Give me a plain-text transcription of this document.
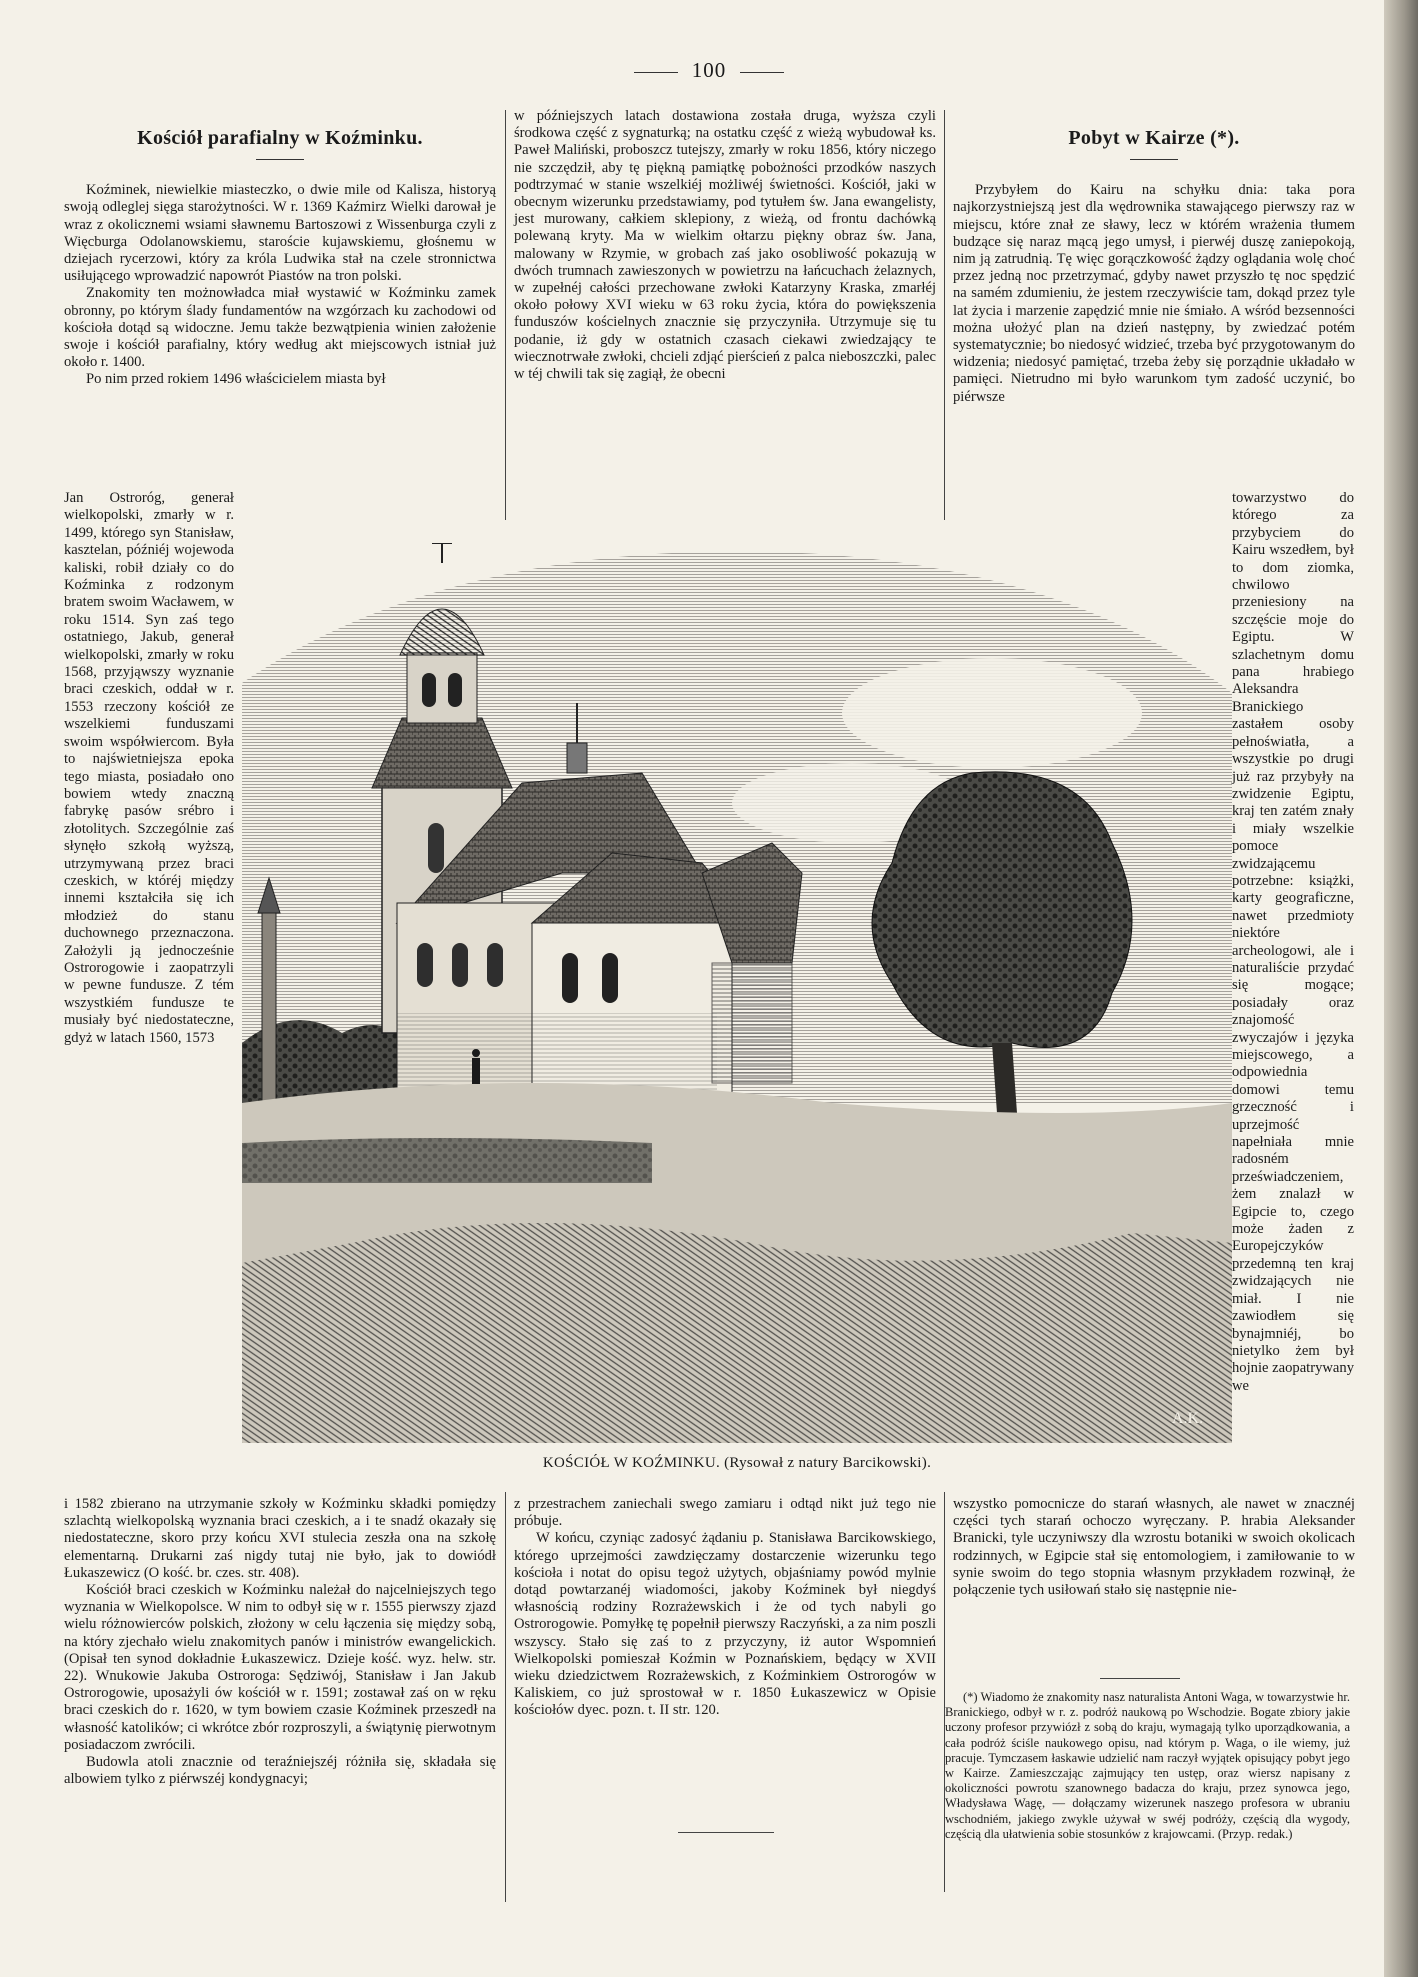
100
Kościół parafialny w Koźminku.

Koźminek, niewielkie miasteczko, o dwie mile od Kalisza, historyą swoją odleglej sięga starożytności. W r. 1369 Kaźmirz Wielki darował je wraz z okolicznemi wsiami sławnemu Bartoszowi z Wissenburga czyli z Więcburga Odolanowskiemu, staroście kujawskiemu, głośnemu w dziejach rycerzowi, który za króla Ludwika stał na czele stronnictwa usiłującego wprowadzić napowrót Piastów na tron polski.

Znakomity ten możnowładca miał wystawić w Koźminku zamek obronny, po którym ślady fundamentów na wzgórzach ku zachodowi od kościoła dotąd są widoczne. Jemu także bezwątpienia winien założenie swoje i kościół parafialny, który według akt miejscowych istniał już około r. 1400.

Po nim przed rokiem 1496 właścicielem miasta był

Jan Ostroróg, generał wielkopolski, zmarły w r. 1499, którego syn Stanisław, kasztelan, późniéj wojewoda kaliski, robił działy co do Koźminka z rodzonym bratem swoim Wacławem, w roku 1514. Syn zaś tego ostatniego, Jakub, generał wielkopolski, zmarły w roku 1568, przyjąwszy wyznanie braci czeskich, oddał w r. 1553 rzeczony kościół ze wszelkiemi funduszami swoim współwiercom. Była to najświetniejsza epoka tego miasta, posiadało ono bowiem wtedy znaczną fabrykę pasów srébro i złotolitych. Szczególnie zaś słynęło szkołą wyższą, utrzymywaną przez braci czeskich, w któréj między innemi kształciła się ich młodzież do stanu duchownego przeznaczona. Założyli ją jednocześnie Ostrorogowie i zaopatrzyli w pewne fundusze. Z tém wszystkiém fundusze te musiały być niedostateczne, gdyż w latach 1560, 1573

i 1582 zbierano na utrzymanie szkoły w Koźminku składki pomiędzy szlachtą wielkopolską wyznania braci czeskich, a i te snadź okazały się niedostateczne, skoro przy końcu XVI stulecia zeszła ona na szkołę elementarną. Drukarni zaś nigdy tutaj nie było, jak to dowiódł Łukaszewicz (O kość. br. czes. str. 408).

Kościół braci czeskich w Koźminku należał do najcelniejszych tego wyznania w Wielkopolsce. W nim to odbył się w r. 1555 pierwszy zjazd wielu różnowierców polskich, złożony w celu łączenia się między sobą, na który zjechało wielu znakomitych panów i ministrów ewangelickich. (Opisał ten synod dokładnie Łukaszewicz. Dzieje kość. wyz. helw. str. 22). Wnukowie Jakuba Ostroroga: Sędziwój, Stanisław i Jan Jakub Ostrorogowie, uposażyli ów kościół w r. 1591; zostawał zaś on w ręku braci czeskich do r. 1620, w tym bowiem czasie Koźminek przeszedł na własność katolików; ci wkrótce zbór rozproszyli, a świątynię pierwotnym posiadaczom zwrócili.

Budowla atoli znacznie od teraźniejszéj różniła się, składała się albowiem tylko z piérwszéj kondygnacyi;

w późniejszych latach dostawiona została druga, wyższa czyli środkowa część z sygnaturką; na ostatku część z wieżą wybudował ks. Paweł Maliński, proboszcz tutejszy, zmarły w roku 1856, który niczego nie szczędził, aby tę piękną pamiątkę pobożności przodków naszych podtrzymać w stanie wszelkiéj możliwéj świetności. Kościół, jaki w obecnym wizerunku przedstawiamy, pod tytułem św. Jana ewangelisty, jest murowany, całkiem sklepiony, z wieżą, od frontu dachówką polewaną kryty. Ma w wielkim ołtarzu piękny obraz św. Jana, malowany w Rzymie, w grobach zaś jako osobliwość pokazują w dwóch trumnach zawieszonych w powietrzu na łańcuchach żelaznych, w zupełnéj całości przechowane zwłoki Katarzyny Kraska, zmarłéj około połowy XVI wieku w 63 roku życia, która do powiększenia funduszów kościelnych znacznie się przyczyniła. Utrzymuje się tu podanie, iż gdy w ostatnich czasach ciekawi zwiedzający te wiecznotrwałe zwłoki, chcieli zdjąć pierścień z palca nieboszczki, palec w téj chwili tak się zagiął, że obecni

z przestrachem zaniechali swego zamiaru i odtąd nikt już tego nie próbuje.

W końcu, czyniąc zadosyć żądaniu p. Stanisława Barcikowskiego, którego uprzejmości zawdzięczamy dostarczenie wizerunku tego kościoła i notat do opisu tegoż użytych, objaśniamy powód mylnie dotąd powtarzanéj wiadomości, jakoby Koźminek był niegdyś własnością rodziny Rozrażewskich i że od tych nabyli go Ostrorogowie. Pomyłkę tę popełnił pierwszy Raczyński, a za nim poszli wszyscy. Stało się zaś to z przyczyny, iż autor Wspomnień Wielkopolski pomieszał Koźmin w Poznańskiem, będący w XVII wieku dziedzictwem Rozrażewskich, z Koźminkiem Ostrorogów w Kaliskiem, co już sprostował w r. 1850 Łukaszewicz w Opisie kościołów dyec. pozn. t. II str. 120.

Pobyt w Kairze (*).

Przybyłem do Kairu na schyłku dnia: taka pora najkorzystniejszą jest dla wędrownika stawającego pierwszy raz w miejscu, które znał ze sławy, lecz w którém wrażenia tłumem budzące się naraz mącą jego umysł, i pierwéj duszę zaniepokoją, nim ją zatrudnią. Tę więc gorączkowość żądzy oglądania wolę choć przez jedną noc przetrzymać, gdyby nawet przyszło tę noc spędzić na samém zdumieniu, że jestem rzeczywiście tam, dokąd przez tyle lat życia i marzenie zapędzić mnie nie śmiało. A wśród bezsenności można ułożyć plan na dzień następny, by zwiedzać potém systematycznie; bo niedosyć widzieć, trzeba być przygotowanym do widzenia; niedosyć pamiętać, trzeba żeby się porządnie układało w pamięci. Nietrudno mi było warunkom tym zadość uczynić, bo piérwsze

towarzystwo do którego za przybyciem do Kairu wszedłem, był to dom ziomka, chwilowo przeniesiony na szczęście moje do Egiptu. W szlachetnym domu pana hrabiego Aleksandra Branickiego zastałem osoby pełnoświatła, a wszystkie po drugi już raz przybyły na zwidzenie Egiptu, kraj ten zatém znały i miały wszelkie pomoce zwidzającemu potrzebne: książki, karty geograficzne, nawet przedmioty niektóre archeologowi, ale i naturaliście przydać się mogące; posiadały oraz znajomość zwyczajów i języka miejscowego, a odpowiednia domowi temu grzeczność i uprzejmość napełniała mnie radosném przeświadczeniem, żem znalazł w Egipcie to, czego może żaden z Europejczyków przedemną ten kraj zwidzających nie miał. I nie zawiodłem się bynajmniéj, bo nietylko żem był hojnie zaopatrywany we

wszystko pomocnicze do starań własnych, ale nawet w znacznéj części tych starań ochoczo wyręczany. P. hrabia Aleksander Branicki, tyle uczyniwszy dla wzrostu botaniki w swoich okolicach rodzinnych, w Egipcie stał się entomologiem, i zamiłowanie to w synie swoim do tego stopnia własnym przykładem rozwinął, że połączenie tych usiłowań stało się następnie nie-

(*) Wiadomo że znakomity nasz naturalista Antoni Waga, w towarzystwie hr. Branickiego, odbył w r. z. podróż naukową po Wschodzie. Bogate zbiory jakie uczony profesor przywiózł z sobą do kraju, wymagają tylko uporządkowania, a cała podróż ściśle naukowego opisu, nad którym p. Waga, o ile wiemy, już pracuje. Tymczasem łaskawie udzielić nam raczył wyjątek opisujący pobyt jego w Kairze. Zamieszczając zajmujący ten ustęp, oraz wiersz napisany z okoliczności powrotu szanownego badacza do kraju, przez synowca jego, Władysława Wagę, — dołączamy wizerunek naszego profesora w ubraniu wschodniém, jakiego zwykle używał w swéj podróży, częścią dla wygody, częścią dla ułatwienia sobie stosunków z krajowcami. (Przyp. redak.)

A.K.
KOŚCIÓŁ W KOŹMINKU. (Rysował z natury Barcikowski).
